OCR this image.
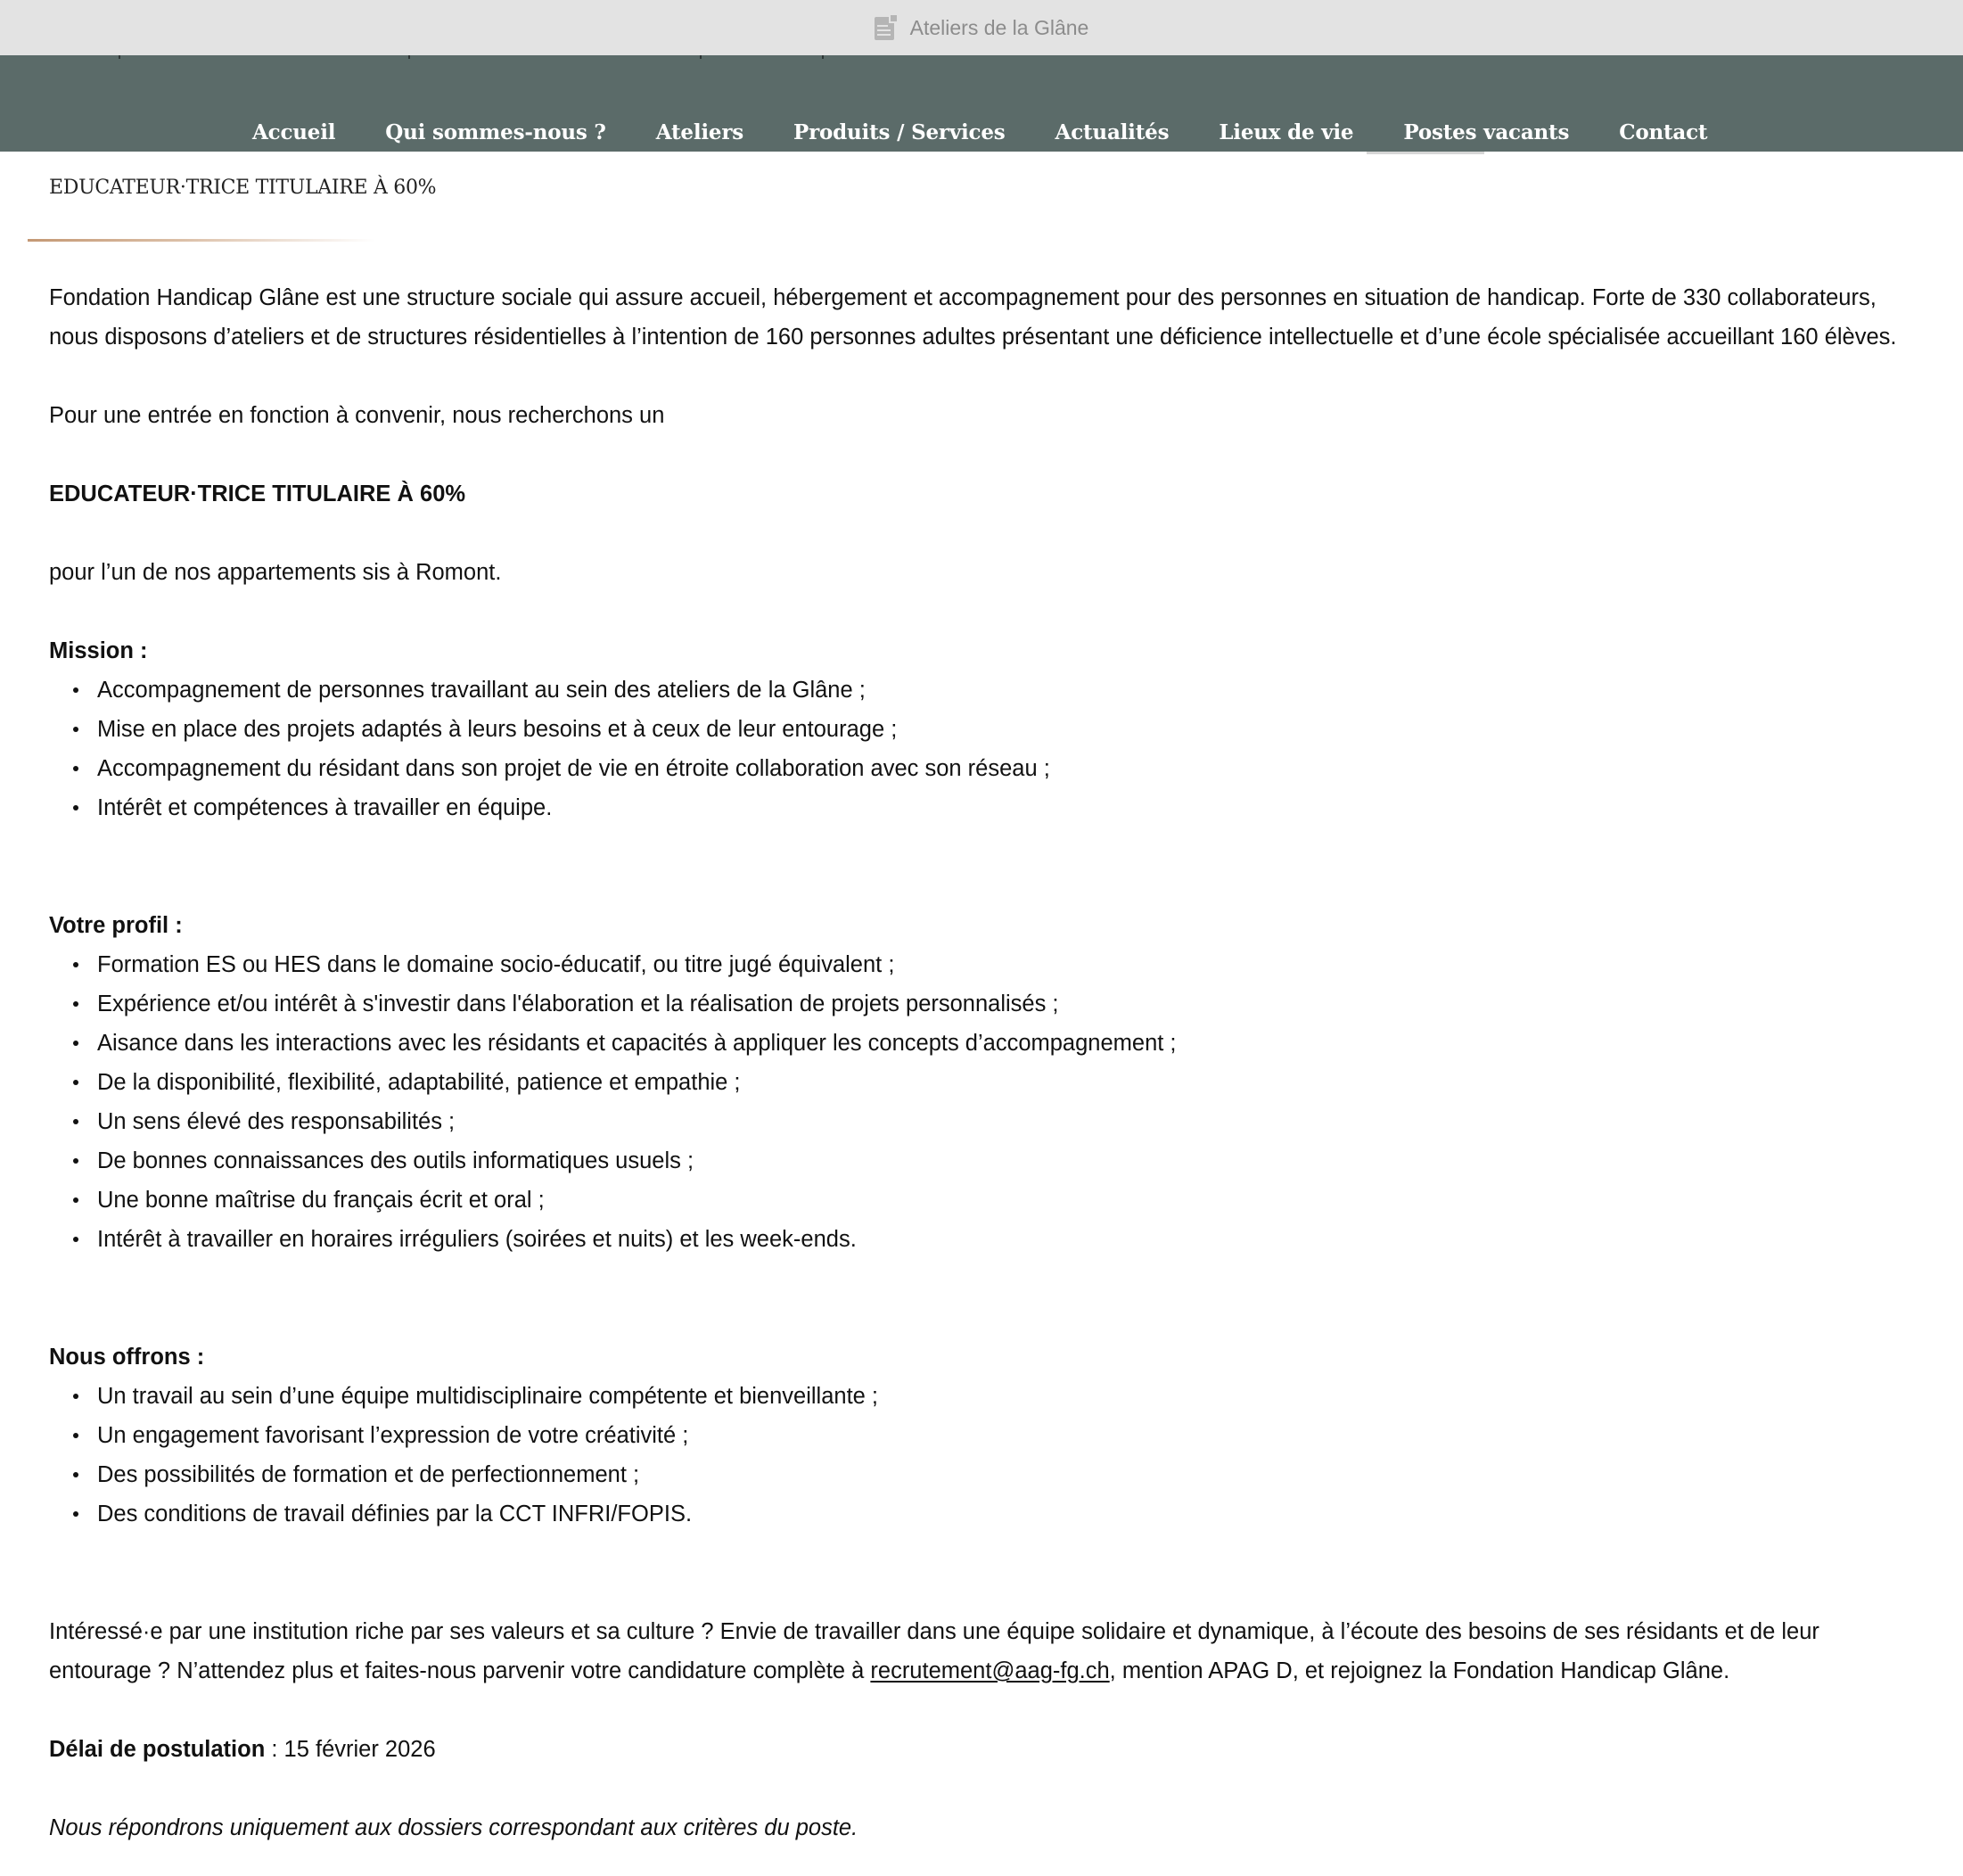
Ateliers de la Glâne
Accueil Qui sommes-nous ? Ateliers Produits / Services Actualités Lieux de vie Postes vacants Contact
EDUCATEUR·TRICE TITULAIRE À 60%

Fondation Handicap Glâne est une structure sociale qui assure accueil, hébergement et accompagnement pour des personnes en situation de handicap. Forte de 330 collaborateurs, nous disposons d’ateliers et de structures résidentielles à l’intention de 160 personnes adultes présentant une déficience intellectuelle et d’une école spécialisée accueillant 160 élèves.

Pour une entrée en fonction à convenir, nous recherchons un

EDUCATEUR·TRICE TITULAIRE À 60%

pour l’un de nos appartements sis à Romont.

Mission :

Accompagnement de personnes travaillant au sein des ateliers de la Glâne ;
Mise en place des projets adaptés à leurs besoins et à ceux de leur entourage ;
Accompagnement du résidant dans son projet de vie en étroite collaboration avec son réseau ;
Intérêt et compétences à travailler en équipe.

Votre profil :

Formation ES ou HES dans le domaine socio-éducatif, ou titre jugé équivalent ;
Expérience et/ou intérêt à s'investir dans l'élaboration et la réalisation de projets personnalisés ;
Aisance dans les interactions avec les résidants et capacités à appliquer les concepts d’accompagnement ;
De la disponibilité, flexibilité, adaptabilité, patience et empathie ;
Un sens élevé des responsabilités ;
De bonnes connaissances des outils informatiques usuels ;
Une bonne maîtrise du français écrit et oral ;
Intérêt à travailler en horaires irréguliers (soirées et nuits) et les week-ends.

Nous offrons :

Un travail au sein d’une équipe multidisciplinaire compétente et bienveillante ;
Un engagement favorisant l’expression de votre créativité ;
Des possibilités de formation et de perfectionnement ;
Des conditions de travail définies par la CCT INFRI/FOPIS.

Intéressé·e par une institution riche par ses valeurs et sa culture ? Envie de travailler dans une équipe solidaire et dynamique, à l’écoute des besoins de ses résidants et de leur entourage ? N’attendez plus et faites-nous parvenir votre candidature complète à recrutement@aag-fg.ch, mention APAG D, et rejoignez la Fondation Handicap Glâne.

Délai de postulation : 15 février 2026

Nous répondrons uniquement aux dossiers correspondant aux critères du poste.
